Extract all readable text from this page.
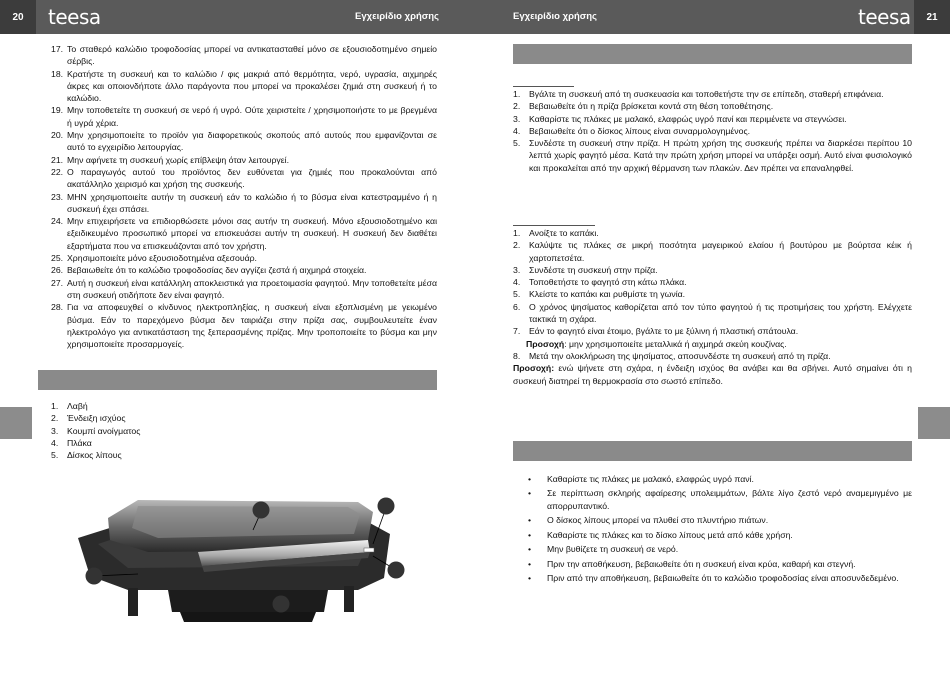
20	teesa	Εγχειρίδιο χρήσης	Εγχειρίδιο χρήσης	teesa	21
17. Το σταθερό καλώδιο τροφοδοσίας μπορεί να αντικατασταθεί μόνο σε εξουσιοδοτημένο σημείο σέρβις.
18. Κρατήστε τη συσκευή και το καλώδιο / φις μακριά από θερμότητα, νερό, υγρασία, αιχμηρές άκρες και οποιονδήποτε άλλο παράγοντα που μπορεί να προκαλέσει ζημιά στη συσκευή ή το καλώδιο.
19. Μην τοποθετείτε τη συσκευή σε νερό ή υγρό. Ούτε χειριστείτε / χρησιμοποιήστε το με βρεγμένα ή υγρά χέρια.
20. Μην χρησιμοποιείτε το προϊόν για διαφορετικούς σκοπούς από αυτούς που εμφανίζονται σε αυτό το εγχειρίδιο λειτουργίας.
21. Μην αφήνετε τη συσκευή χωρίς επίβλεψη όταν λειτουργεί.
22. Ο παραγωγός αυτού του προϊόντος δεν ευθύνεται για ζημιές που προκαλούνται από ακατάλληλο χειρισμό και χρήση της συσκευής.
23. ΜΗΝ χρησιμοποιείτε αυτήν τη συσκευή εάν το καλώδιο ή το βύσμα είναι κατεστραμμένο ή η συσκευή έχει σπάσει.
24. Μην επιχειρήσετε να επιδιορθώσετε μόνοι σας αυτήν τη συσκευή. Μόνο εξουσιοδοτημένο και εξειδικευμένο προσωπικό μπορεί να επισκευάσει αυτήν τη συσκευή. Η συσκευή δεν διαθέτει εξαρτήματα που να επισκευάζονται από τον χρήστη.
25. Χρησιμοποιείτε μόνο εξουσιοδοτημένα αξεσουάρ.
26. Βεβαιωθείτε ότι το καλώδιο τροφοδοσίας δεν αγγίζει ζεστά ή αιχμηρά στοιχεία.
27. Αυτή η συσκευή είναι κατάλληλη αποκλειστικά για προετοιμασία φαγητού. Μην τοποθετείτε μέσα στη συσκευή οτιδήποτε δεν είναι φαγητό.
28. Για να αποφευχθεί ο κίνδυνος ηλεκτροπληξίας, η συσκευή είναι εξοπλισμένη με γειωμένο βύσμα. Εάν το παρεχόμενο βύσμα δεν ταιριάζει στην πρίζα σας, συμβουλευτείτε έναν ηλεκτρολόγο για αντικατάσταση της ξεπερασμένης πρίζας. Μην τροποποιείτε το βύσμα και μην χρησιμοποιείτε προσαρμογείς.
1. Λαβή
2. Ένδειξη ισχύος
3. Κουμπί ανοίγματος
4. Πλάκα
5. Δίσκος λίπους
1. Βγάλτε τη συσκευή από τη συσκευασία και τοποθετήστε την σε επίπεδη, σταθερή επιφάνεια.
2. Βεβαιωθείτε ότι η πρίζα βρίσκεται κοντά στη θέση τοποθέτησης.
3. Καθαρίστε τις πλάκες με μαλακό, ελαφρώς υγρό πανί και περιμένετε να στεγνώσει.
4. Βεβαιωθείτε ότι ο δίσκος λίπους είναι συναρμολογημένος.
5. Συνδέστε τη συσκευή στην πρίζα. Η πρώτη χρήση της συσκευής πρέπει να διαρκέσει περίπου 10 λεπτά χωρίς φαγητό μέσα. Κατά την πρώτη χρήση μπορεί να υπάρξει οσμή. Αυτό είναι φυσιολογικό και προκαλείται από την αρχική θέρμανση των πλακών. Δεν πρέπει να επαναληφθεί.
1. Ανοίξτε το καπάκι.
2. Καλύψτε τις πλάκες σε μικρή ποσότητα μαγειρικού ελαίου ή βουτύρου με βούρτσα κέικ ή χαρτοπετσέτα.
3. Συνδέστε τη συσκευή στην πρίζα.
4. Τοποθετήστε το φαγητό στη κάτω πλάκα.
5. Κλείστε το καπάκι και ρυθμίστε τη γωνία.
6. Ο χρόνος ψησίματος καθορίζεται από τον τύπο φαγητού ή τις προτιμήσεις του χρήστη. Ελέγχετε τακτικά τη σχάρα.
7. Εάν το φαγητό είναι έτοιμο, βγάλτε το με ξύλινη ή πλαστική σπάτουλα.
Προσοχή: μην χρησιμοποιείτε μεταλλικά ή αιχμηρά σκεύη κουζίνας.
8. Μετά την ολοκλήρωση της ψησίματος, αποσυνδέστε τη συσκευή από τη πρίζα.
Προσοχή: ενώ ψήνετε στη σχάρα, η ένδειξη ισχύος θα ανάβει και θα σβήνει. Αυτό σημαίνει ότι η συσκευή διατηρεί τη θερμοκρασία στο σωστό επίπεδο.
• Καθαρίστε τις πλάκες με μαλακό, ελαφρώς υγρό πανί.
• Σε περίπτωση σκληρής αφαίρεσης υπολειμμάτων, βάλτε λίγο ζεστό νερό αναμεμιγμένο με απορρυπαντικό.
• Ο δίσκος λίπους μπορεί να πλυθεί στο πλυντήριο πιάτων.
• Καθαρίστε τις πλάκες και το δίσκο λίπους μετά από κάθε χρήση.
• Μην βυθίζετε τη συσκευή σε νερό.
• Πριν την αποθήκευση, βεβαιωθείτε ότι η συσκευή είναι κρύα, καθαρή και στεγνή.
• Πριν από την αποθήκευση, βεβαιωθείτε ότι το καλώδιο τροφοδοσίας είναι αποσυνδεδεμένο.
